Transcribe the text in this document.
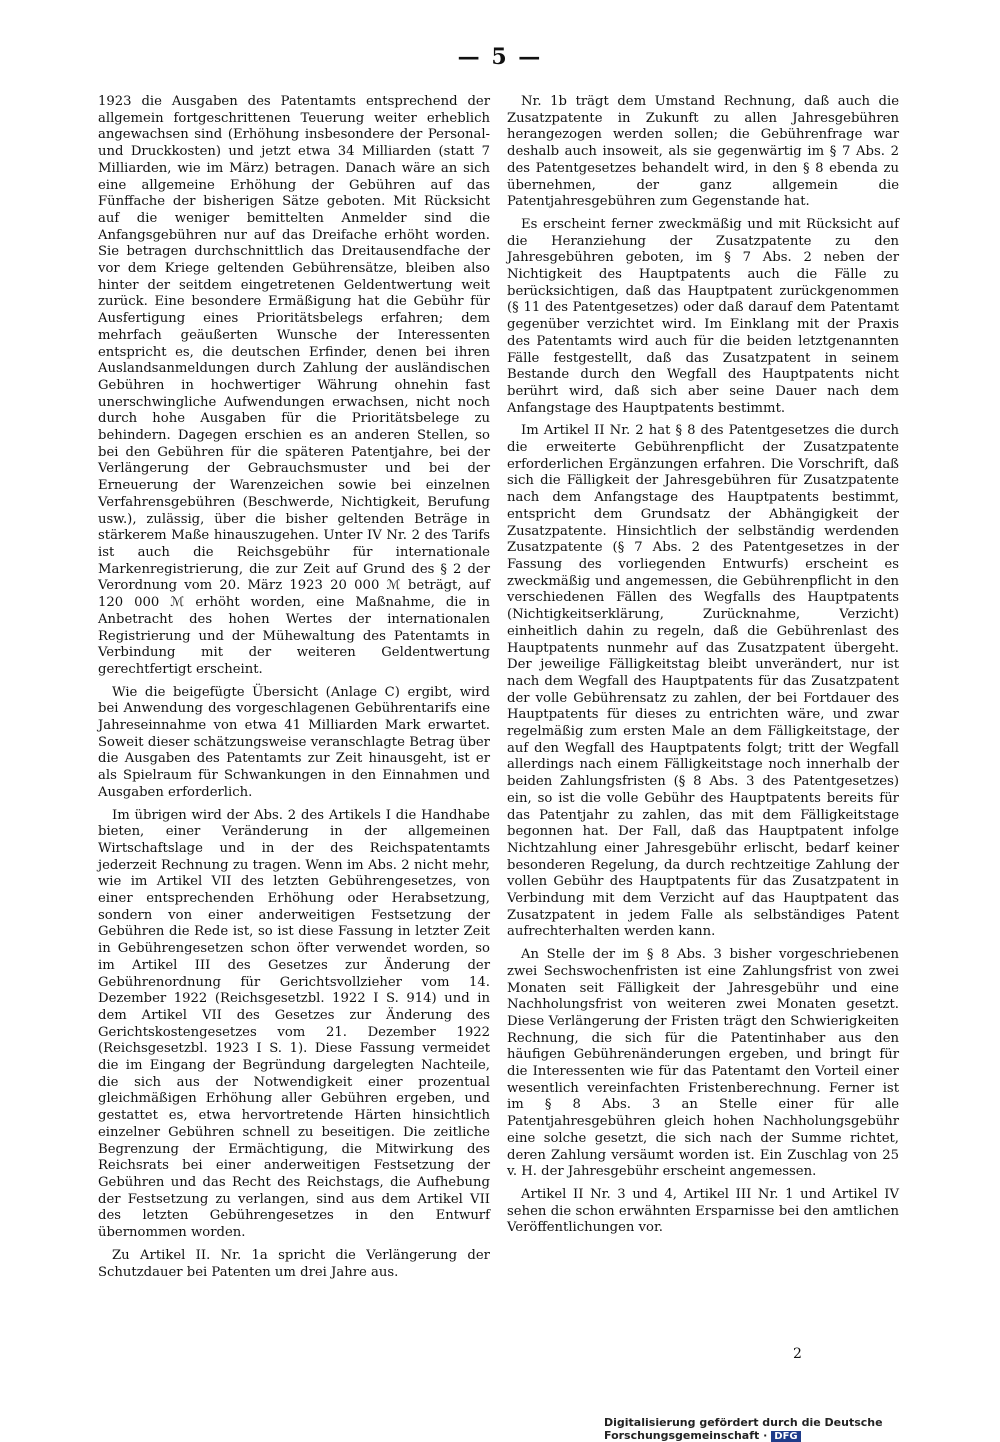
— 5 —

1923 die Ausgaben des Patentamts entsprechend der allgemein fortgeschrittenen Teuerung weiter erheblich angewachsen sind (Erhöhung insbesondere der Personal- und Druckkosten) und jetzt etwa 34 Milliarden (statt 7 Milliarden, wie im März) betragen. Danach wäre an sich eine allgemeine Erhöhung der Gebühren auf das Fünffache der bisherigen Sätze geboten. Mit Rücksicht auf die weniger bemittelten Anmelder sind die Anfangsgebühren nur auf das Dreifache erhöht worden. Sie betragen durchschnittlich das Dreitausendfache der vor dem Kriege geltenden Gebührensätze, bleiben also hinter der seitdem eingetretenen Geldentwertung weit zurück. Eine besondere Ermäßigung hat die Gebühr für Ausfertigung eines Prioritätsbelegs erfahren; dem mehrfach geäußerten Wunsche der Interessenten entspricht es, die deutschen Erfinder, denen bei ihren Auslandsanmeldungen durch Zahlung der ausländischen Gebühren in hochwertiger Währung ohnehin fast unerschwingliche Aufwendungen erwachsen, nicht noch durch hohe Ausgaben für die Prioritätsbelege zu behindern. Dagegen erschien es an anderen Stellen, so bei den Gebühren für die späteren Patentjahre, bei der Verlängerung der Gebrauchsmuster und bei der Erneuerung der Warenzeichen sowie bei einzelnen Verfahrensgebühren (Beschwerde, Nichtigkeit, Berufung usw.), zulässig, über die bisher geltenden Beträge in stärkerem Maße hinauszugehen. Unter IV Nr. 2 des Tarifs ist auch die Reichsgebühr für internationale Markenregistrierung, die zur Zeit auf Grund des § 2 der Verordnung vom 20. März 1923 20 000 ℳ beträgt, auf 120 000 ℳ erhöht worden, eine Maßnahme, die in Anbetracht des hohen Wertes der internationalen Registrierung und der Mühewaltung des Patentamts in Verbindung mit der weiteren Geldentwertung gerechtfertigt erscheint.

Wie die beigefügte Übersicht (Anlage C) ergibt, wird bei Anwendung des vorgeschlagenen Gebührentarifs eine Jahreseinnahme von etwa 41 Milliarden Mark erwartet. Soweit dieser schätzungsweise veranschlagte Betrag über die Ausgaben des Patentamts zur Zeit hinausgeht, ist er als Spielraum für Schwankungen in den Einnahmen und Ausgaben erforderlich.

Im übrigen wird der Abs. 2 des Artikels I die Handhabe bieten, einer Veränderung in der allgemeinen Wirtschaftslage und in der des Reichspatentamts jederzeit Rechnung zu tragen. Wenn im Abs. 2 nicht mehr, wie im Artikel VII des letzten Gebührengesetzes, von einer entsprechenden Erhöhung oder Herabsetzung, sondern von einer anderweitigen Festsetzung der Gebühren die Rede ist, so ist diese Fassung in letzter Zeit in Gebührengesetzen schon öfter verwendet worden, so im Artikel III des Gesetzes zur Änderung der Gebührenordnung für Gerichtsvollzieher vom 14. Dezember 1922 (Reichsgesetzbl. 1922 I S. 914) und in dem Artikel VII des Gesetzes zur Änderung des Gerichtskostengesetzes vom 21. Dezember 1922 (Reichsgesetzbl. 1923 I S. 1). Diese Fassung vermeidet die im Eingang der Begründung dargelegten Nachteile, die sich aus der Notwendigkeit einer prozentual gleichmäßigen Erhöhung aller Gebühren ergeben, und gestattet es, etwa hervortretende Härten hinsichtlich einzelner Gebühren schnell zu beseitigen. Die zeitliche Begrenzung der Ermächtigung, die Mitwirkung des Reichsrats bei einer anderweitigen Festsetzung der Gebühren und das Recht des Reichstags, die Aufhebung der Festsetzung zu verlangen, sind aus dem Artikel VII des letzten Gebührengesetzes in den Entwurf übernommen worden.

Zu Artikel II. Nr. 1a spricht die Verlängerung der Schutzdauer bei Patenten um drei Jahre aus.

Nr. 1b trägt dem Umstand Rechnung, daß auch die Zusatzpatente in Zukunft zu allen Jahresgebühren herangezogen werden sollen; die Gebührenfrage war deshalb auch insoweit, als sie gegenwärtig im § 7 Abs. 2 des Patentgesetzes behandelt wird, in den § 8 ebenda zu übernehmen, der ganz allgemein die Patentjahresgebühren zum Gegenstande hat.

Es erscheint ferner zweckmäßig und mit Rücksicht auf die Heranziehung der Zusatzpatente zu den Jahresgebühren geboten, im § 7 Abs. 2 neben der Nichtigkeit des Hauptpatents auch die Fälle zu berücksichtigen, daß das Hauptpatent zurückgenommen (§ 11 des Patentgesetzes) oder daß darauf dem Patentamt gegenüber verzichtet wird. Im Einklang mit der Praxis des Patentamts wird auch für die beiden letztgenannten Fälle festgestellt, daß das Zusatzpatent in seinem Bestande durch den Wegfall des Hauptpatents nicht berührt wird, daß sich aber seine Dauer nach dem Anfangstage des Hauptpatents bestimmt.

Im Artikel II Nr. 2 hat § 8 des Patentgesetzes die durch die erweiterte Gebührenpflicht der Zusatzpatente erforderlichen Ergänzungen erfahren. Die Vorschrift, daß sich die Fälligkeit der Jahresgebühren für Zusatzpatente nach dem Anfangstage des Hauptpatents bestimmt, entspricht dem Grundsatz der Abhängigkeit der Zusatzpatente. Hinsichtlich der selbständig werdenden Zusatzpatente (§ 7 Abs. 2 des Patentgesetzes in der Fassung des vorliegenden Entwurfs) erscheint es zweckmäßig und angemessen, die Gebührenpflicht in den verschiedenen Fällen des Wegfalls des Hauptpatents (Nichtigkeitserklärung, Zurücknahme, Verzicht) einheitlich dahin zu regeln, daß die Gebührenlast des Hauptpatents nunmehr auf das Zusatzpatent übergeht. Der jeweilige Fälligkeitstag bleibt unverändert, nur ist nach dem Wegfall des Hauptpatents für das Zusatzpatent der volle Gebührensatz zu zahlen, der bei Fortdauer des Hauptpatents für dieses zu entrichten wäre, und zwar regelmäßig zum ersten Male an dem Fälligkeitstage, der auf den Wegfall des Hauptpatents folgt; tritt der Wegfall allerdings nach einem Fälligkeitstage noch innerhalb der beiden Zahlungsfristen (§ 8 Abs. 3 des Patentgesetzes) ein, so ist die volle Gebühr des Hauptpatents bereits für das Patentjahr zu zahlen, das mit dem Fälligkeitstage begonnen hat. Der Fall, daß das Hauptpatent infolge Nichtzahlung einer Jahresgebühr erlischt, bedarf keiner besonderen Regelung, da durch rechtzeitige Zahlung der vollen Gebühr des Hauptpatents für das Zusatzpatent in Verbindung mit dem Verzicht auf das Hauptpatent das Zusatzpatent in jedem Falle als selbständiges Patent aufrechterhalten werden kann.

An Stelle der im § 8 Abs. 3 bisher vorgeschriebenen zwei Sechswochenfristen ist eine Zahlungsfrist von zwei Monaten seit Fälligkeit der Jahresgebühr und eine Nachholungsfrist von weiteren zwei Monaten gesetzt. Diese Verlängerung der Fristen trägt den Schwierigkeiten Rechnung, die sich für die Patentinhaber aus den häufigen Gebührenänderungen ergeben, und bringt für die Interessenten wie für das Patentamt den Vorteil einer wesentlich vereinfachten Fristenberechnung. Ferner ist im § 8 Abs. 3 an Stelle einer für alle Patentjahresgebühren gleich hohen Nachholungsgebühr eine solche gesetzt, die sich nach der Summe richtet, deren Zahlung versäumt worden ist. Ein Zuschlag von 25 v. H. der Jahresgebühr erscheint angemessen.

Artikel II Nr. 3 und 4, Artikel III Nr. 1 und Artikel IV sehen die schon erwähnten Ersparnisse bei den amtlichen Veröffentlichungen vor.

2
Digitalisierung gefördert durch die Deutsche Forschungsgemeinschaft · DFG
